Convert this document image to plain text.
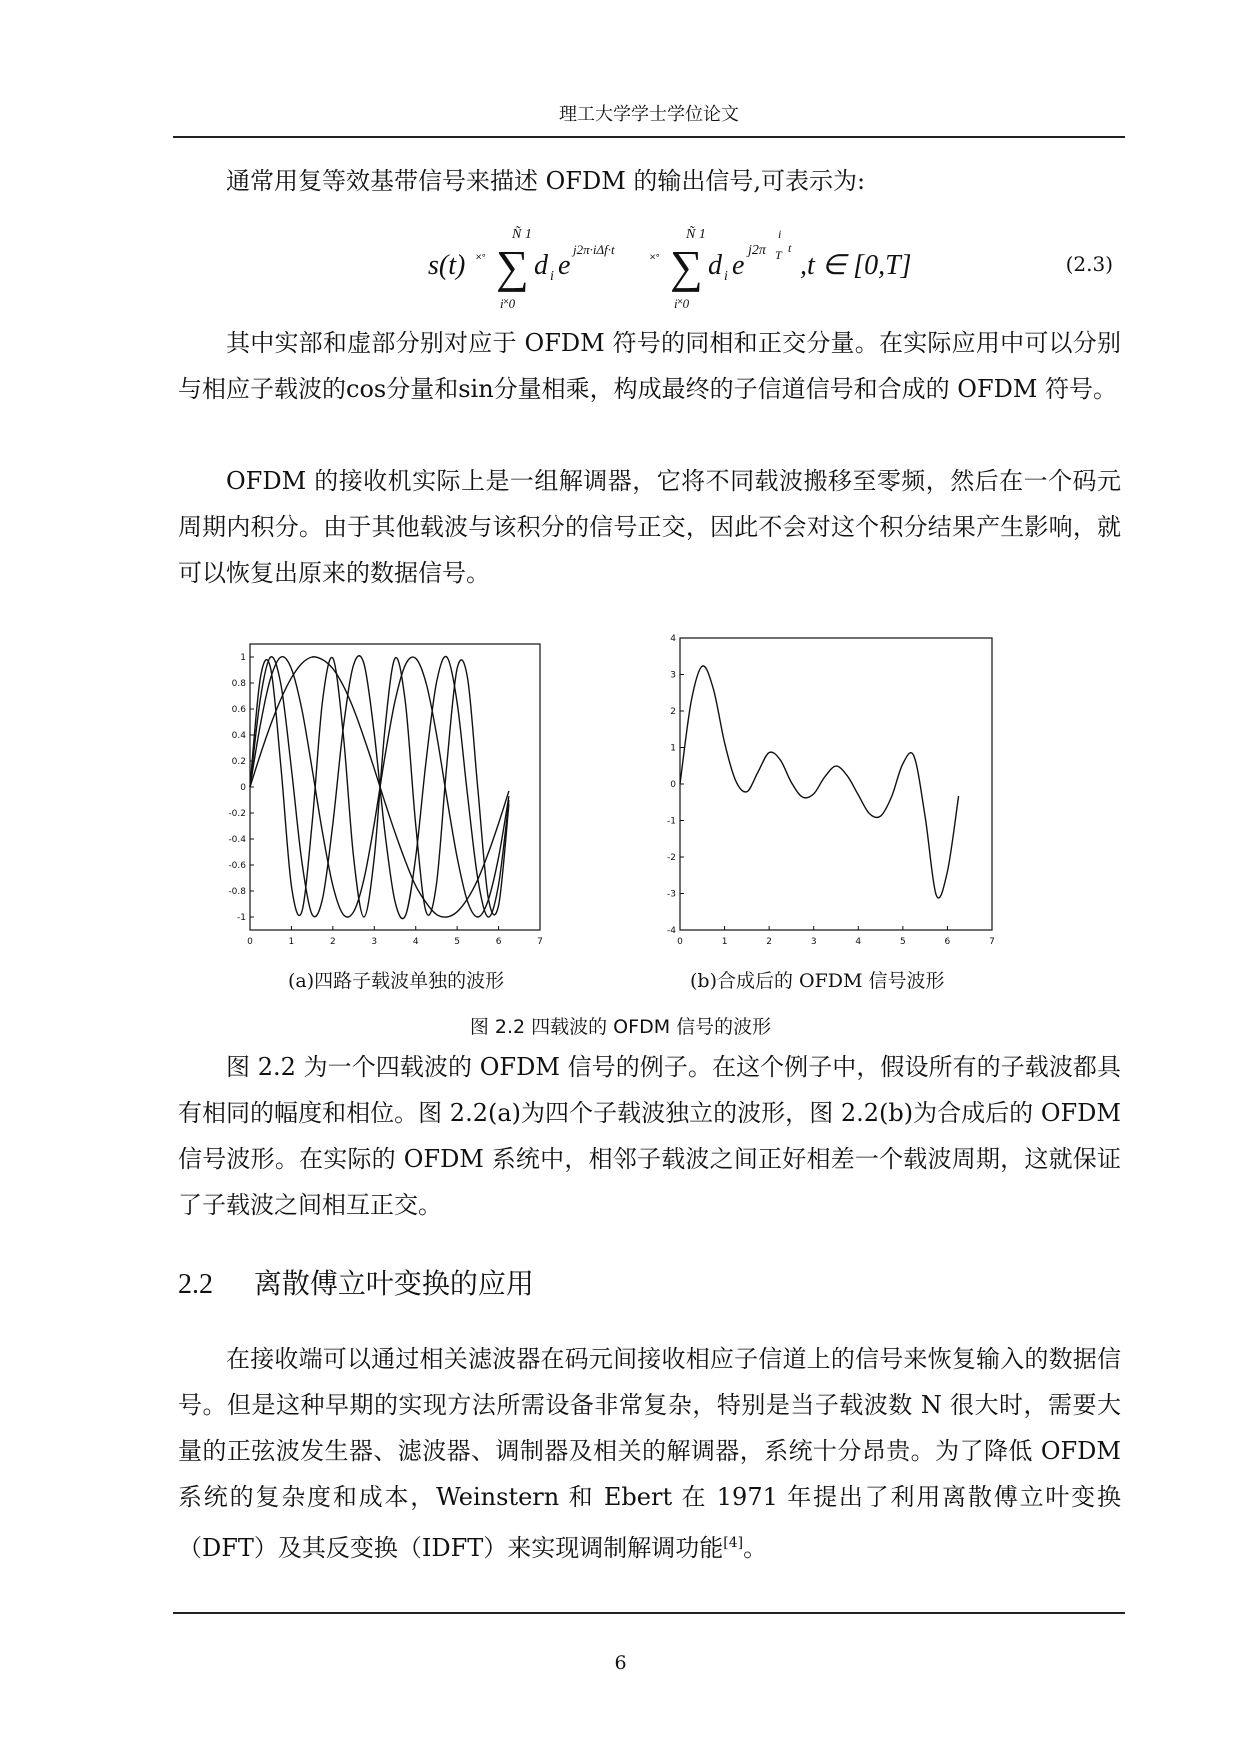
理工大学学士学位论文

通常用复等效基带信号来描述 OFDM 的输出信号,可表示为:

s(t) ˟˚
Ñ 1
∑
i˟0
d i e
j2π·iΔf·t
˟˚
Ñ 1
∑
i˟0
d i e j2π
i
T t
,t ∈ [0,T]	(2.3)

其中实部和虚部分别对应于 OFDM 符号的同相和正交分量。在实际应用中可以分别与相应子载波的cos分量和sin分量相乘，构成最终的子信道信号和合成的 OFDM 符号。

OFDM 的接收机实际上是一组解调器，它将不同载波搬移至零频，然后在一个码元周期内积分。由于其他载波与该积分的信号正交，因此不会对这个积分结果产生影响，就可以恢复出原来的数据信号。

0	1	2	3	4	5	6	7
1
0.8
0.6
0.4
0.2
0
-0.2
-0.4
-0.6
-0.8
-1
0	1	2	3	4	5	6	7
4
3
2
1
0
-1
-2
-3
-4
(a)四路子载波单独的波形	(b)合成后的 OFDM 信号波形
图 2.2 四载波的 OFDM 信号的波形

图 2.2 为一个四载波的 OFDM 信号的例子。在这个例子中，假设所有的子载波都具有相同的幅度和相位。图 2.2(a)为四个子载波独立的波形，图 2.2(b)为合成后的 OFDM 信号波形。在实际的 OFDM 系统中，相邻子载波之间正好相差一个载波周期，这就保证了子载波之间相互正交。

2.2 离散傅立叶变换的应用

在接收端可以通过相关滤波器在码元间接收相应子信道上的信号来恢复输入的数据信号。但是这种早期的实现方法所需设备非常复杂，特别是当子载波数 N 很大时，需要大量的正弦波发生器、滤波器、调制器及相关的解调器，系统十分昂贵。为了降低 OFDM 系统的复杂度和成本，Weinstern 和 Ebert 在 1971 年提出了利用离散傅立叶变换（DFT）及其反变换（IDFT）来实现调制解调功能[4]。

6
